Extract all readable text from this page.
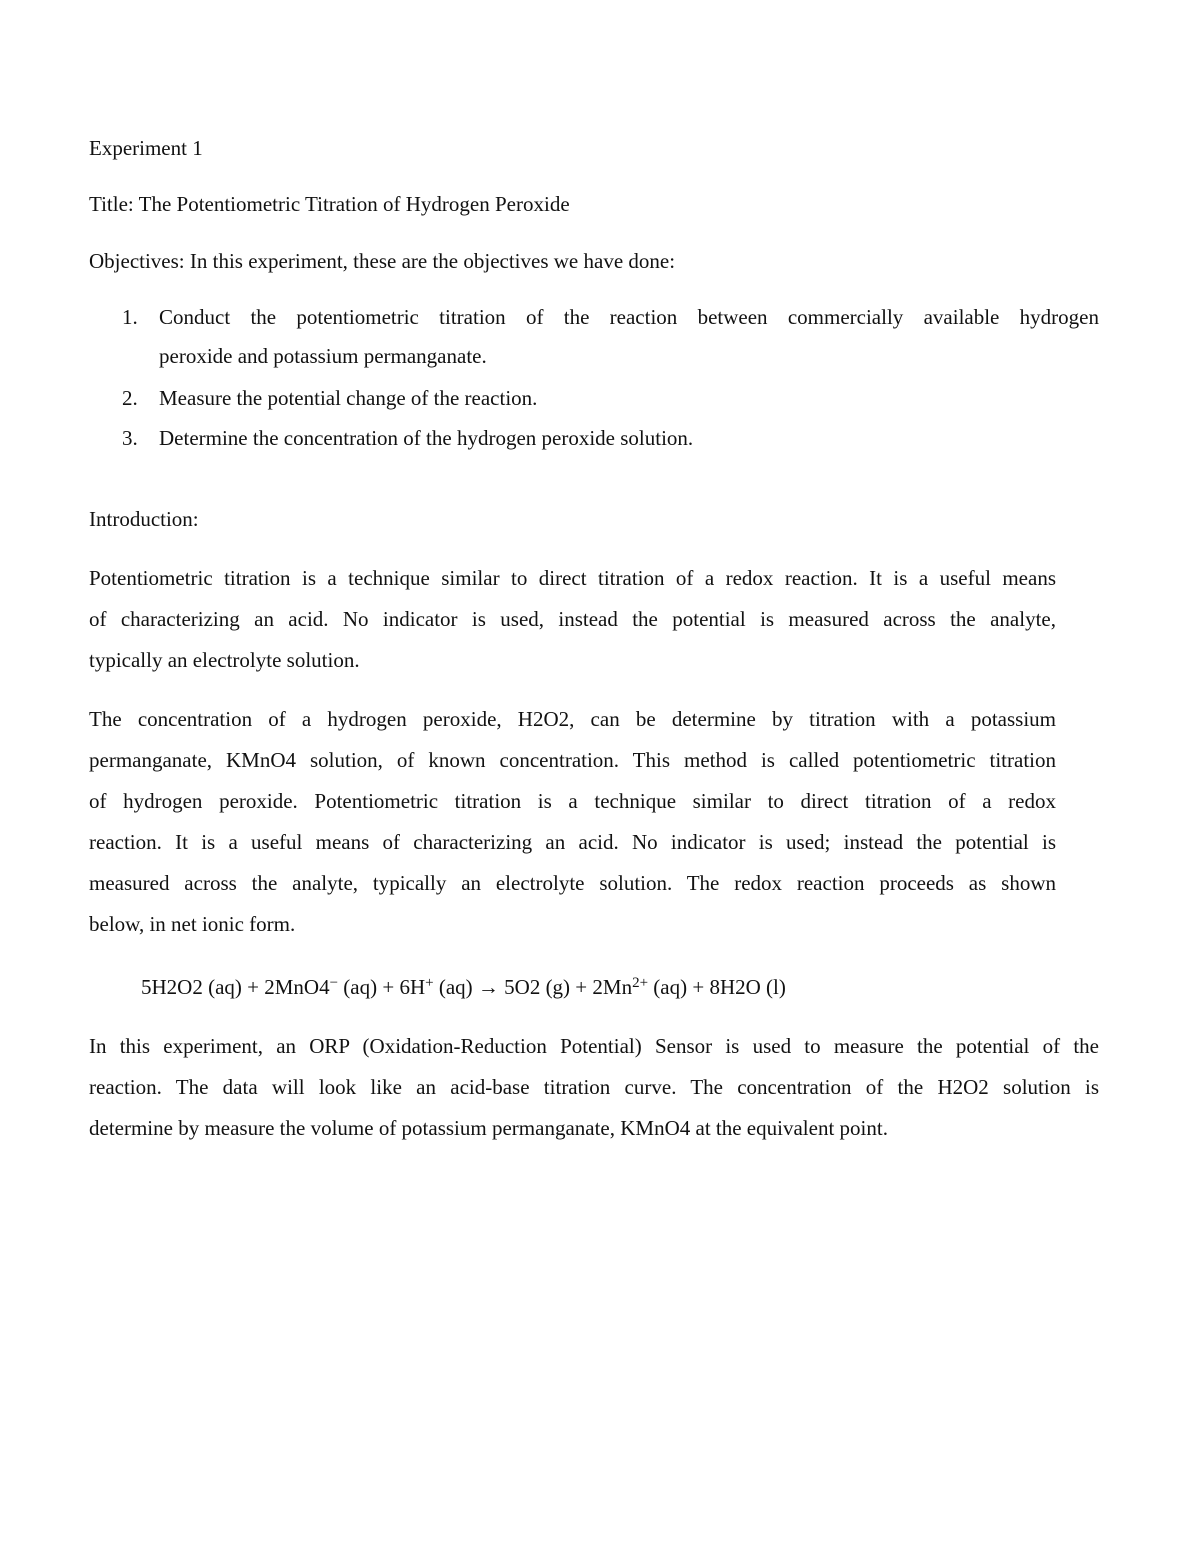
Experiment 1
Title: The Potentiometric Titration of Hydrogen Peroxide
Objectives: In this experiment, these are the objectives we have done:
1.	Conduct the potentiometric titration of the reaction between commercially available hydrogen
peroxide and potassium permanganate.
2.	Measure the potential change of the reaction.
3.	Determine the concentration of the hydrogen peroxide solution.
Introduction:
Potentiometric titration is a technique similar to direct titration of a redox reaction. It is a useful means
of characterizing an acid. No indicator is used, instead the potential is measured across the analyte,
typically an electrolyte solution.
The concentration of a hydrogen peroxide, H2O2, can be determine by titration with a potassium
permanganate, KMnO4 solution, of known concentration. This method is called potentiometric titration
of hydrogen peroxide. Potentiometric titration is a technique similar to direct titration of a redox
reaction. It is a useful means of characterizing an acid. No indicator is used; instead the potential is
measured across the analyte, typically an electrolyte solution. The redox reaction proceeds as shown
below, in net ionic form.
5H2O2 (aq) + 2MnO4− (aq) + 6H+ (aq) → 5O2 $(g) + 2Mn^{2+}$ (aq) + 8H2O (l)
In this experiment, an ORP (Oxidation-Reduction Potential) Sensor is used to measure the potential of the
reaction. The data will look like an acid-base titration curve. The concentration of the H2O2 solution is
determine by measure the volume of potassium permanganate, KMnO4 at the equivalent point.
